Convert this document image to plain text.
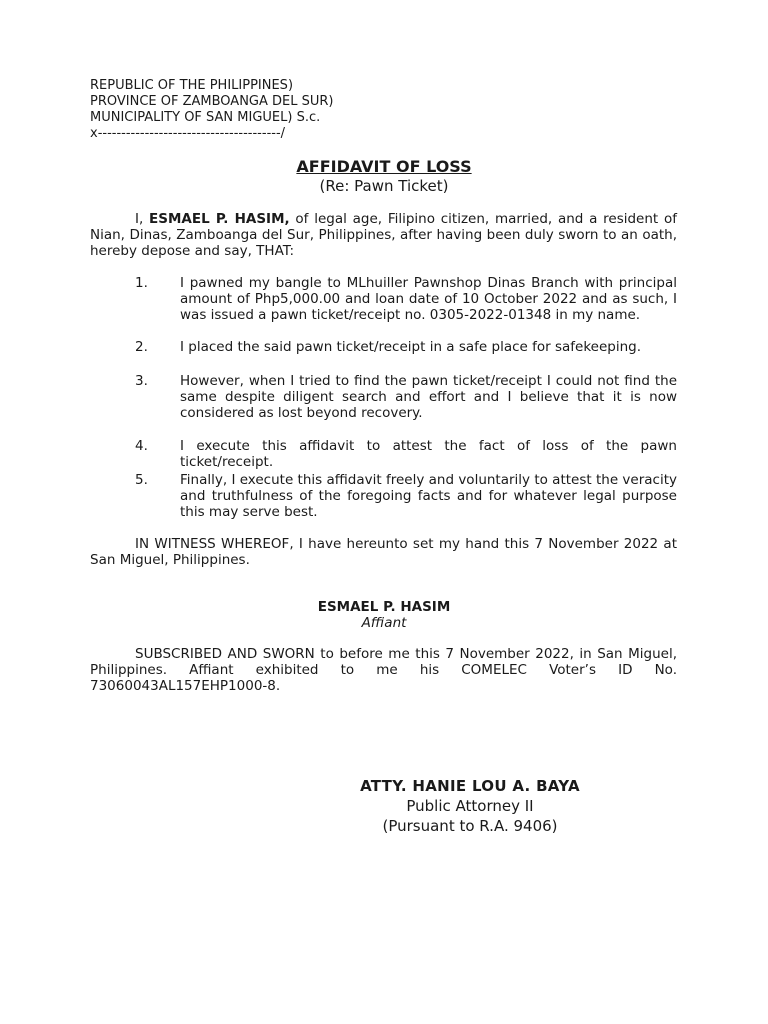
REPUBLIC OF THE PHILIPPINES)
PROVINCE OF ZAMBOANGA DEL SUR)
MUNICIPALITY OF SAN MIGUEL) S.c.
x---------------------------------------/
AFFIDAVIT OF LOSS
(Re: Pawn Ticket)
I, ESMAEL P. HASIM, of legal age, Filipino citizen, married, and a resident of Nian, Dinas, Zamboanga del Sur, Philippines, after having been duly sworn to an oath, hereby depose and say, THAT:
1. I pawned my bangle to MLhuiller Pawnshop Dinas Branch with principal amount of Php5,000.00 and loan date of 10 October 2022 and as such, I was issued a pawn ticket/receipt no. 0305-2022-01348 in my name.
2. I placed the said pawn ticket/receipt in a safe place for safekeeping.
3. However, when I tried to find the pawn ticket/receipt I could not find the same despite diligent search and effort and I believe that it is now considered as lost beyond recovery.
4. I execute this affidavit to attest the fact of loss of the pawn ticket/receipt.
5. Finally, I execute this affidavit freely and voluntarily to attest the veracity and truthfulness of the foregoing facts and for whatever legal purpose this may serve best.
IN WITNESS WHEREOF, I have hereunto set my hand this 7 November 2022 at San Miguel, Philippines.
ESMAEL P. HASIM
Affiant
SUBSCRIBED AND SWORN to before me this 7 November 2022, in San Miguel, Philippines. Affiant exhibited to me his COMELEC Voter’s ID No. 73060043AL157EHP1000-8.
ATTY. HANIE LOU A. BAYA
Public Attorney II
(Pursuant to R.A. 9406)
